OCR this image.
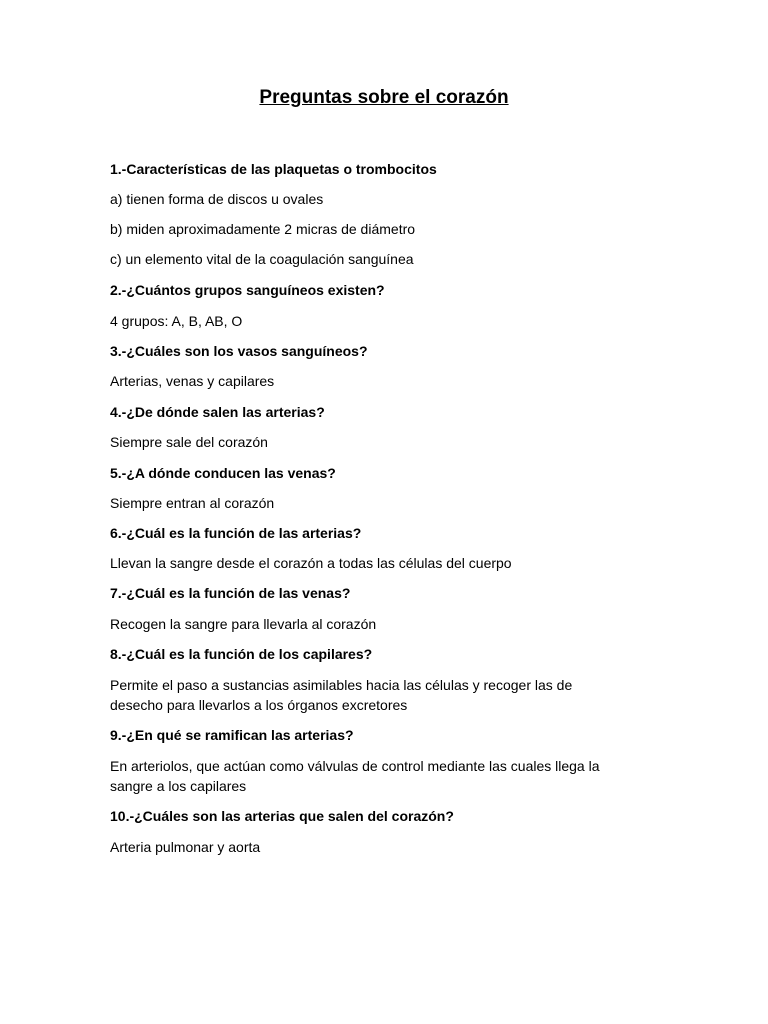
Preguntas sobre el corazón

1.-Características de las plaquetas o trombocitos

a) tienen forma de discos u ovales

b) miden aproximadamente 2 micras de diámetro

c) un elemento vital de la coagulación sanguínea

2.-¿Cuántos grupos sanguíneos existen?

4 grupos: A, B, AB, O

3.-¿Cuáles son los vasos sanguíneos?

Arterias, venas y capilares

4.-¿De dónde salen las arterias?

Siempre sale del corazón

5.-¿A dónde conducen las venas?

Siempre entran al corazón

6.-¿Cuál es la función de las arterias?

Llevan la sangre desde el corazón a todas las células del cuerpo

7.-¿Cuál es la función de las venas?

Recogen la sangre para llevarla al corazón

8.-¿Cuál es la función de los capilares?

Permite el paso a sustancias asimilables hacia las células y recoger las de

desecho para llevarlos a los órganos excretores

9.-¿En qué se ramifican las arterias?

En arteriolos, que actúan como válvulas de control mediante las cuales llega la

sangre a los capilares

10.-¿Cuáles son las arterias que salen del corazón?

Arteria pulmonar y aorta
